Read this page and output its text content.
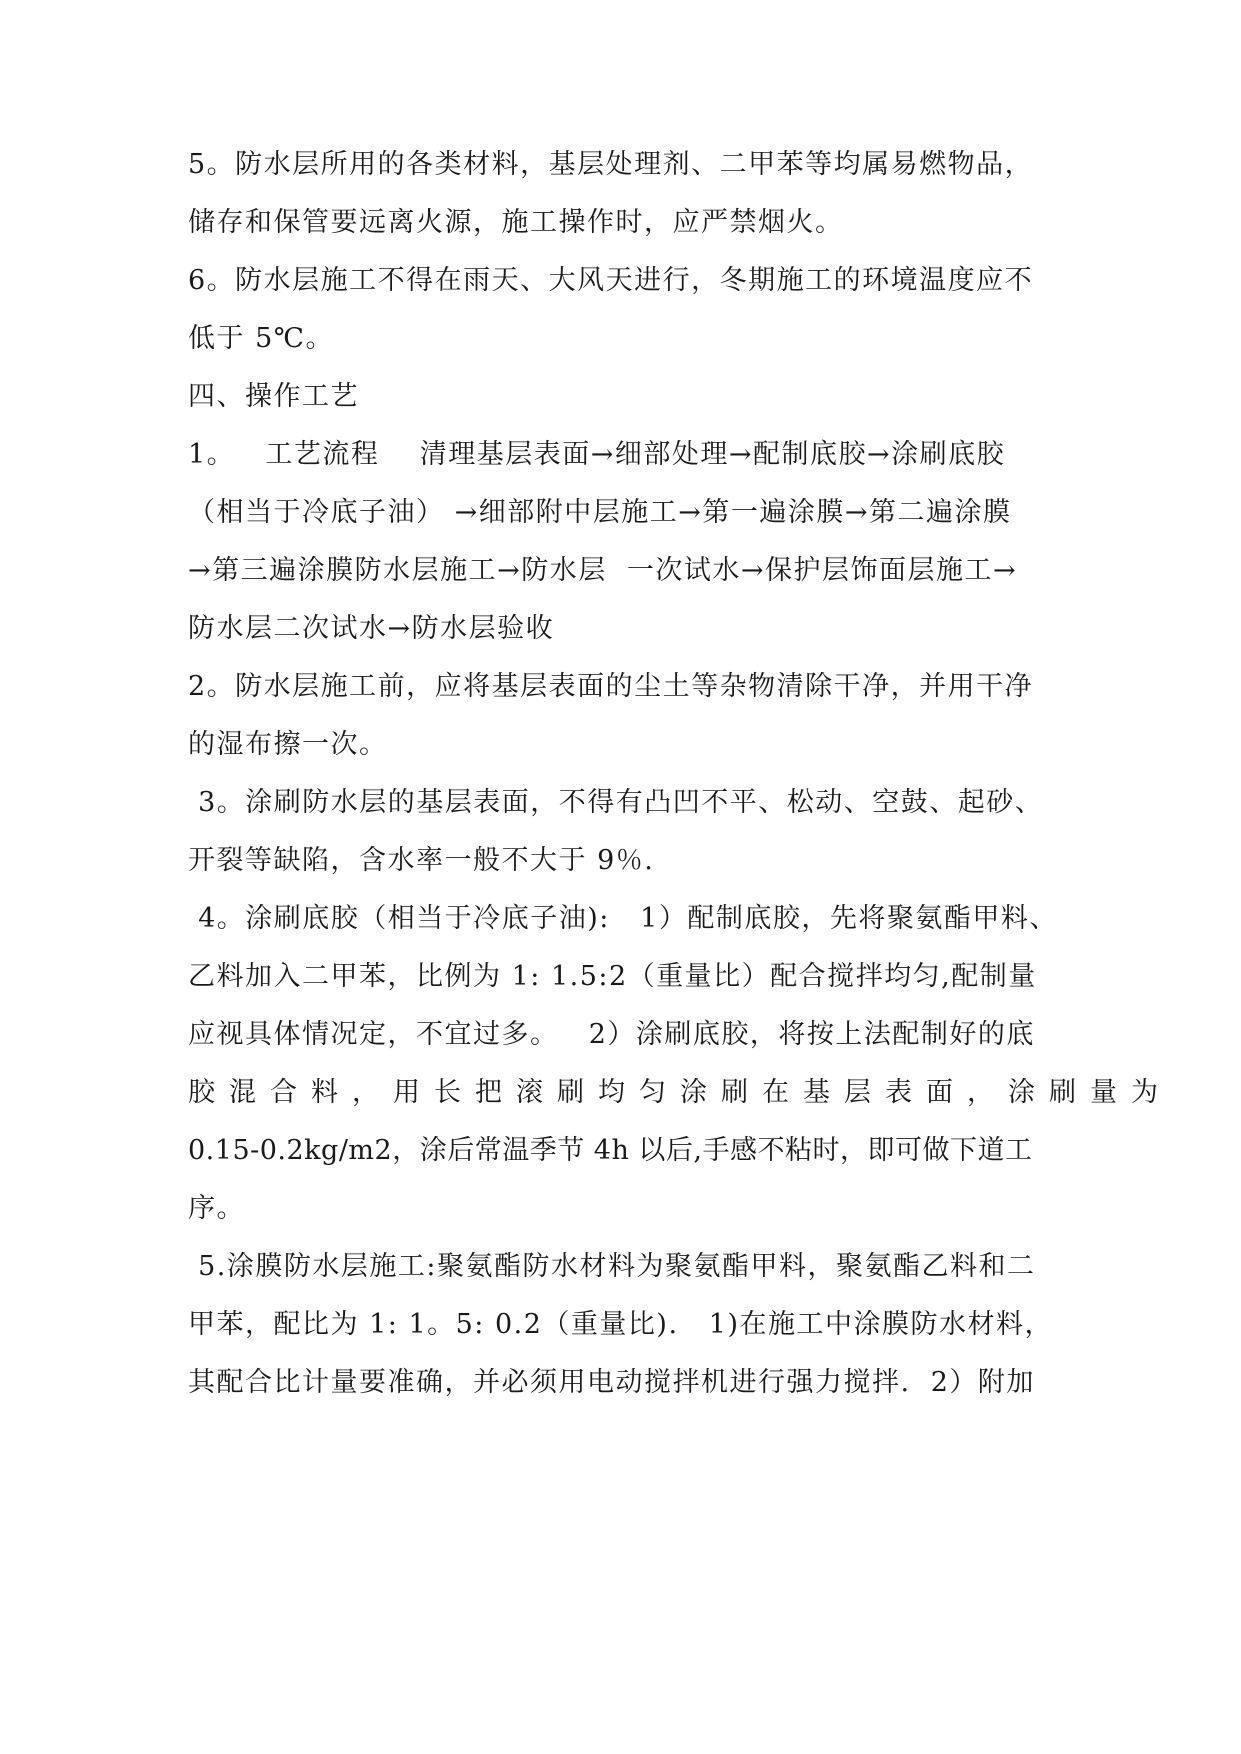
5。防水层所用的各类材料，基层处理剂、二甲苯等均属易燃物品，

储存和保管要远离火源，施工操作时，应严禁烟火。

6。防水层施工不得在雨天、大风天进行，冬期施工的环境温度应不

低于 5℃。

四、操作工艺

1。   工艺流程    清理基层表面→细部处理→配制底胶→涂刷底胶

（相当于冷底子油） →细部附中层施工→第一遍涂膜→第二遍涂膜

→第三遍涂膜防水层施工→防水层  一次试水→保护层饰面层施工→

防水层二次试水→防水层验收

2。防水层施工前，应将基层表面的尘土等杂物清除干净，并用干净

的湿布擦一次。

3。涂刷防水层的基层表面，不得有凸凹不平、松动、空鼓、起砂、

开裂等缺陷，含水率一般不大于 9％.

4。涂刷底胶（相当于冷底子油):   1）配制底胶，先将聚氨酯甲料、

乙料加入二甲苯，比例为 1: 1.5:2（重量比）配合搅拌均匀,配制量

应视具体情况定，不宜过多。   2）涂刷底胶，将按上法配制好的底

胶混合料，用长把滚刷均匀涂刷在基层表面，涂刷量为

0.15-0.2kg/m2，涂后常温季节 4h 以后,手感不粘时，即可做下道工

序。

5.涂膜防水层施工:聚氨酯防水材料为聚氨酯甲料，聚氨酯乙料和二

甲苯，配比为 1: 1。5: 0.2（重量比).   1)在施工中涂膜防水材料，

其配合比计量要准确，并必须用电动搅拌机进行强力搅拌.  2）附加
